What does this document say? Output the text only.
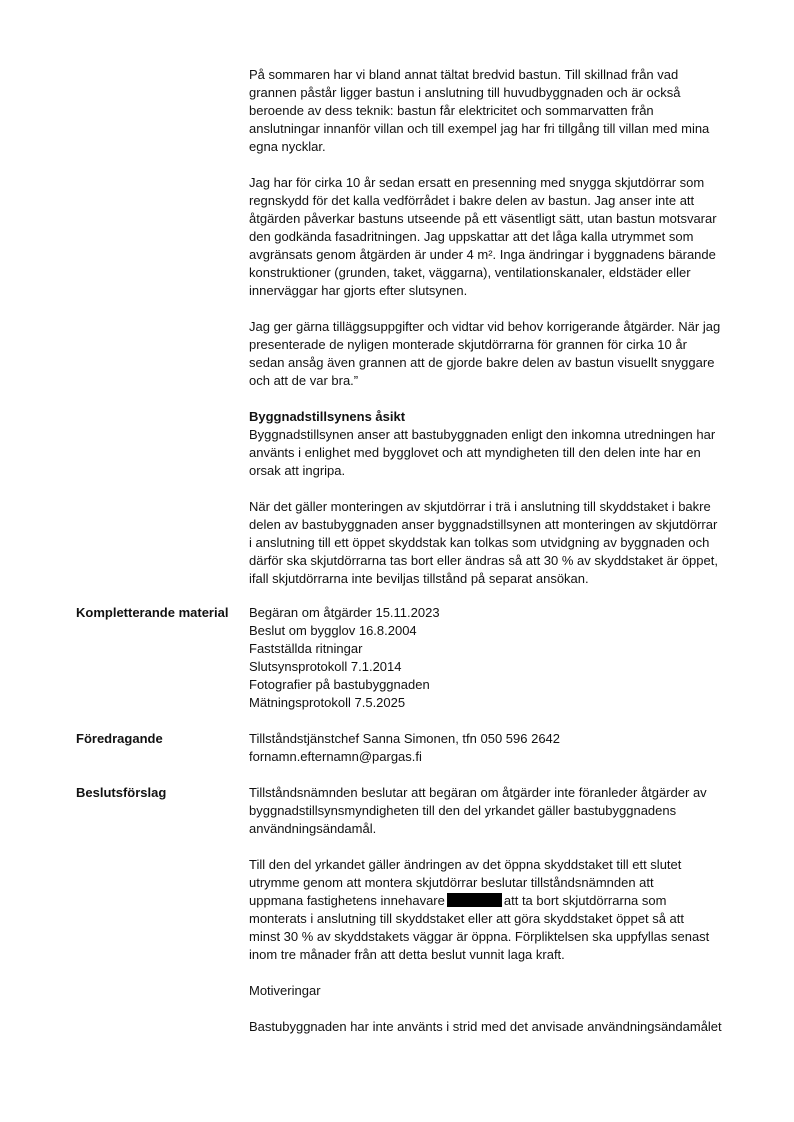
På sommaren har vi bland annat tältat bredvid bastun. Till skillnad från vad
grannen påstår ligger bastun i anslutning till huvudbyggnaden och är också
beroende av dess teknik: bastun får elektricitet och sommarvatten från
anslutningar innanför villan och till exempel jag har fri tillgång till villan med mina
egna nycklar.

Jag har för cirka 10 år sedan ersatt en presenning med snygga skjutdörrar som
regnskydd för det kalla vedförrådet i bakre delen av bastun. Jag anser inte att
åtgärden påverkar bastuns utseende på ett väsentligt sätt, utan bastun motsvarar
den godkända fasadritningen. Jag uppskattar att det låga kalla utrymmet som
avgränsats genom åtgärden är under 4 m². Inga ändringar i byggnadens bärande
konstruktioner (grunden, taket, väggarna), ventilationskanaler, eldstäder eller
innerväggar har gjorts efter slutsynen.

Jag ger gärna tilläggsuppgifter och vidtar vid behov korrigerande åtgärder. När jag
presenterade de nyligen monterade skjutdörrarna för grannen för cirka 10 år
sedan ansåg även grannen att de gjorde bakre delen av bastun visuellt snyggare
och att de var bra.”

Byggnadstillsynens åsikt

Byggnadstillsynen anser att bastubyggnaden enligt den inkomna utredningen har
använts i enlighet med bygglovet och att myndigheten till den delen inte har en
orsak att ingripa.

När det gäller monteringen av skjutdörrar i trä i anslutning till skyddstaket i bakre
delen av bastubyggnaden anser byggnadstillsynen att monteringen av skjutdörrar
i anslutning till ett öppet skyddstak kan tolkas som utvidgning av byggnaden och
därför ska skjutdörrarna tas bort eller ändras så att 30 % av skyddstaket är öppet,
ifall skjutdörrarna inte beviljas tillstånd på separat ansökan.

Kompletterande material	Begäran om åtgärder 15.11.2023
Beslut om bygglov 16.8.2004
Fastställda ritningar
Slutsynsprotokoll 7.1.2014
Fotografier på bastubyggnaden
Mätningsprotokoll 7.5.2025

Föredragande	Tillståndstjänstchef Sanna Simonen, tfn 050 596 2642
fornamn.efternamn@pargas.fi

Beslutsförslag	Tillståndsnämnden beslutar att begäran om åtgärder inte föranleder åtgärder av
byggnadstillsynsmyndigheten till den del yrkandet gäller bastubyggnadens
användningsändamål.

Till den del yrkandet gäller ändringen av det öppna skyddstaket till ett slutet
utrymme genom att montera skjutdörrar beslutar tillståndsnämnden att
uppmana fastighetens innehavare	att ta bort skjutdörrarna som
monterats i anslutning till skyddstaket eller att göra skyddstaket öppet så att
minst 30 % av skyddstakets väggar är öppna. Förpliktelsen ska uppfyllas senast
inom tre månader från att detta beslut vunnit laga kraft.

Motiveringar

Bastubyggnaden har inte använts i strid med det anvisade användningsändamålet
